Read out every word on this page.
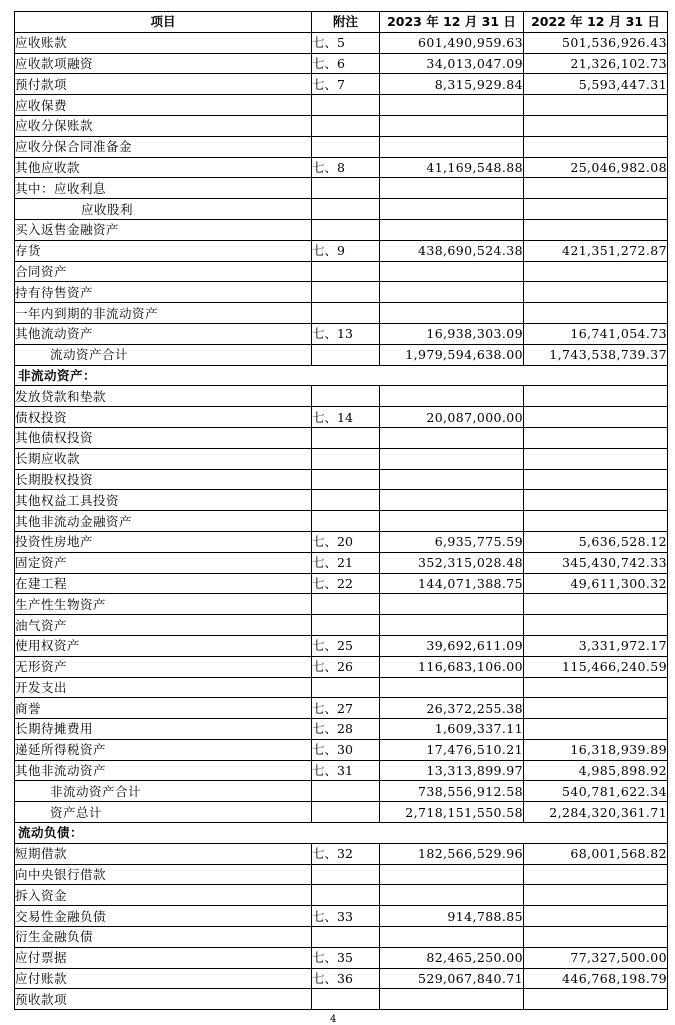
项目	附注	2023 年 12 月 31 日	2022 年 12 月 31 日
应收账款	七、5	601,490,959.63	501,536,926.43
应收款项融资	七、6	34,013,047.09	21,326,102.73
预付款项	七、7	8,315,929.84	5,593,447.31
应收保费			
应收分保账款			
应收分保合同准备金			
其他应收款	七、8	41,169,548.88	25,046,982.08
其中：应收利息			
应收股利			
买入返售金融资产			
存货	七、9	438,690,524.38	421,351,272.87
合同资产			
持有待售资产			
一年内到期的非流动资产			
其他流动资产	七、13	16,938,303.09	16,741,054.73
流动资产合计		1,979,594,638.00	1,743,538,739.37
非流动资产：			
发放贷款和垫款			
债权投资	七、14	20,087,000.00	
其他债权投资			
长期应收款			
长期股权投资			
其他权益工具投资			
其他非流动金融资产			
投资性房地产	七、20	6,935,775.59	5,636,528.12
固定资产	七、21	352,315,028.48	345,430,742.33
在建工程	七、22	144,071,388.75	49,611,300.32
生产性生物资产			
油气资产			
使用权资产	七、25	39,692,611.09	3,331,972.17
无形资产	七、26	116,683,106.00	115,466,240.59
开发支出			
商誉	七、27	26,372,255.38	
长期待摊费用	七、28	1,609,337.11	
递延所得税资产	七、30	17,476,510.21	16,318,939.89
其他非流动资产	七、31	13,313,899.97	4,985,898.92
非流动资产合计		738,556,912.58	540,781,622.34
资产总计		2,718,151,550.58	2,284,320,361.71
流动负债：			
短期借款	七、32	182,566,529.96	68,001,568.82
向中央银行借款			
拆入资金			
交易性金融负债	七、33	914,788.85	
衍生金融负债			
应付票据	七、35	82,465,250.00	77,327,500.00
应付账款	七、36	529,067,840.71	446,768,198.79
预收款项			
4
